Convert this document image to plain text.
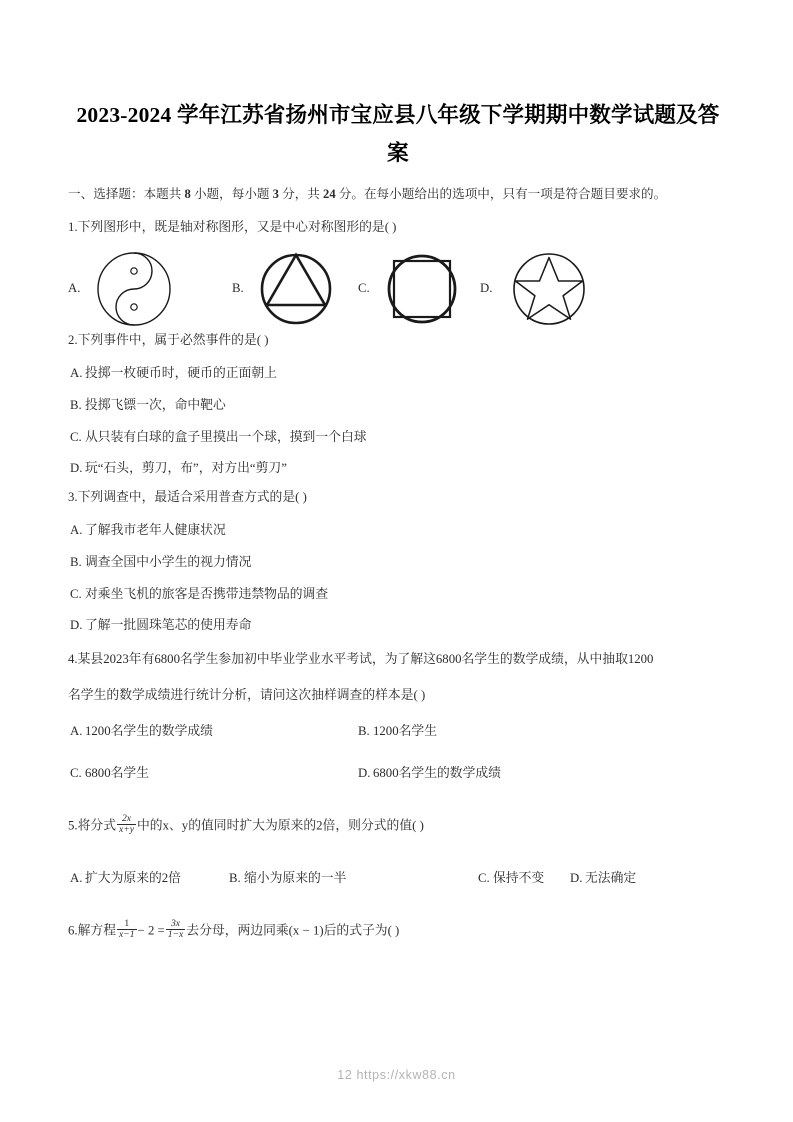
2023-2024 学年江苏省扬州市宝应县八年级下学期期中数学试题及答 案
一、选择题：本题共 8 小题，每小题 3 分，共 24 分。在每小题给出的选项中，只有一项是符合题目要求的。
1.下列图形中，既是轴对称图形，又是中心对称图形的是( )
A.	B.	C.	D.
2.下列事件中，属于必然事件的是( )
A. 投掷一枚硬币时，硬币的正面朝上
B. 投掷飞镖一次，命中靶心
C. 从只装有白球的盒子里摸出一个球，摸到一个白球
D. 玩“石头，剪刀，布”，对方出“剪刀”
3.下列调查中，最适合采用普查方式的是( )
A. 了解我市老年人健康状况
B. 调查全国中小学生的视力情况
C. 对乘坐飞机的旅客是否携带违禁物品的调查
D. 了解一批圆珠笔芯的使用寿命
4.某县2023年有6800名学生参加初中毕业学业水平考试，为了解这6800名学生的数学成绩，从中抽取1200
名学生的数学成绩进行统计分析，请问这次抽样调查的样本是( )
A. 1200名学生的数学成绩	B. 1200名学生
C. 6800名学生	D. 6800名学生的数学成绩
5.将分式 $\frac{2x}{x+y}$ 中的x、y的值同时扩大为原来的2倍，则分式的值( )
A. 扩大为原来的2倍	B. 缩小为原来的一半	C. 保持不变 D. 无法确定
6.解方程 $\frac{1}{x-1} - 2 = \frac{3x}{1-x}$ 去分母，两边同乘(x − 1)后的式子为( )
12 https://xkw88.cn
